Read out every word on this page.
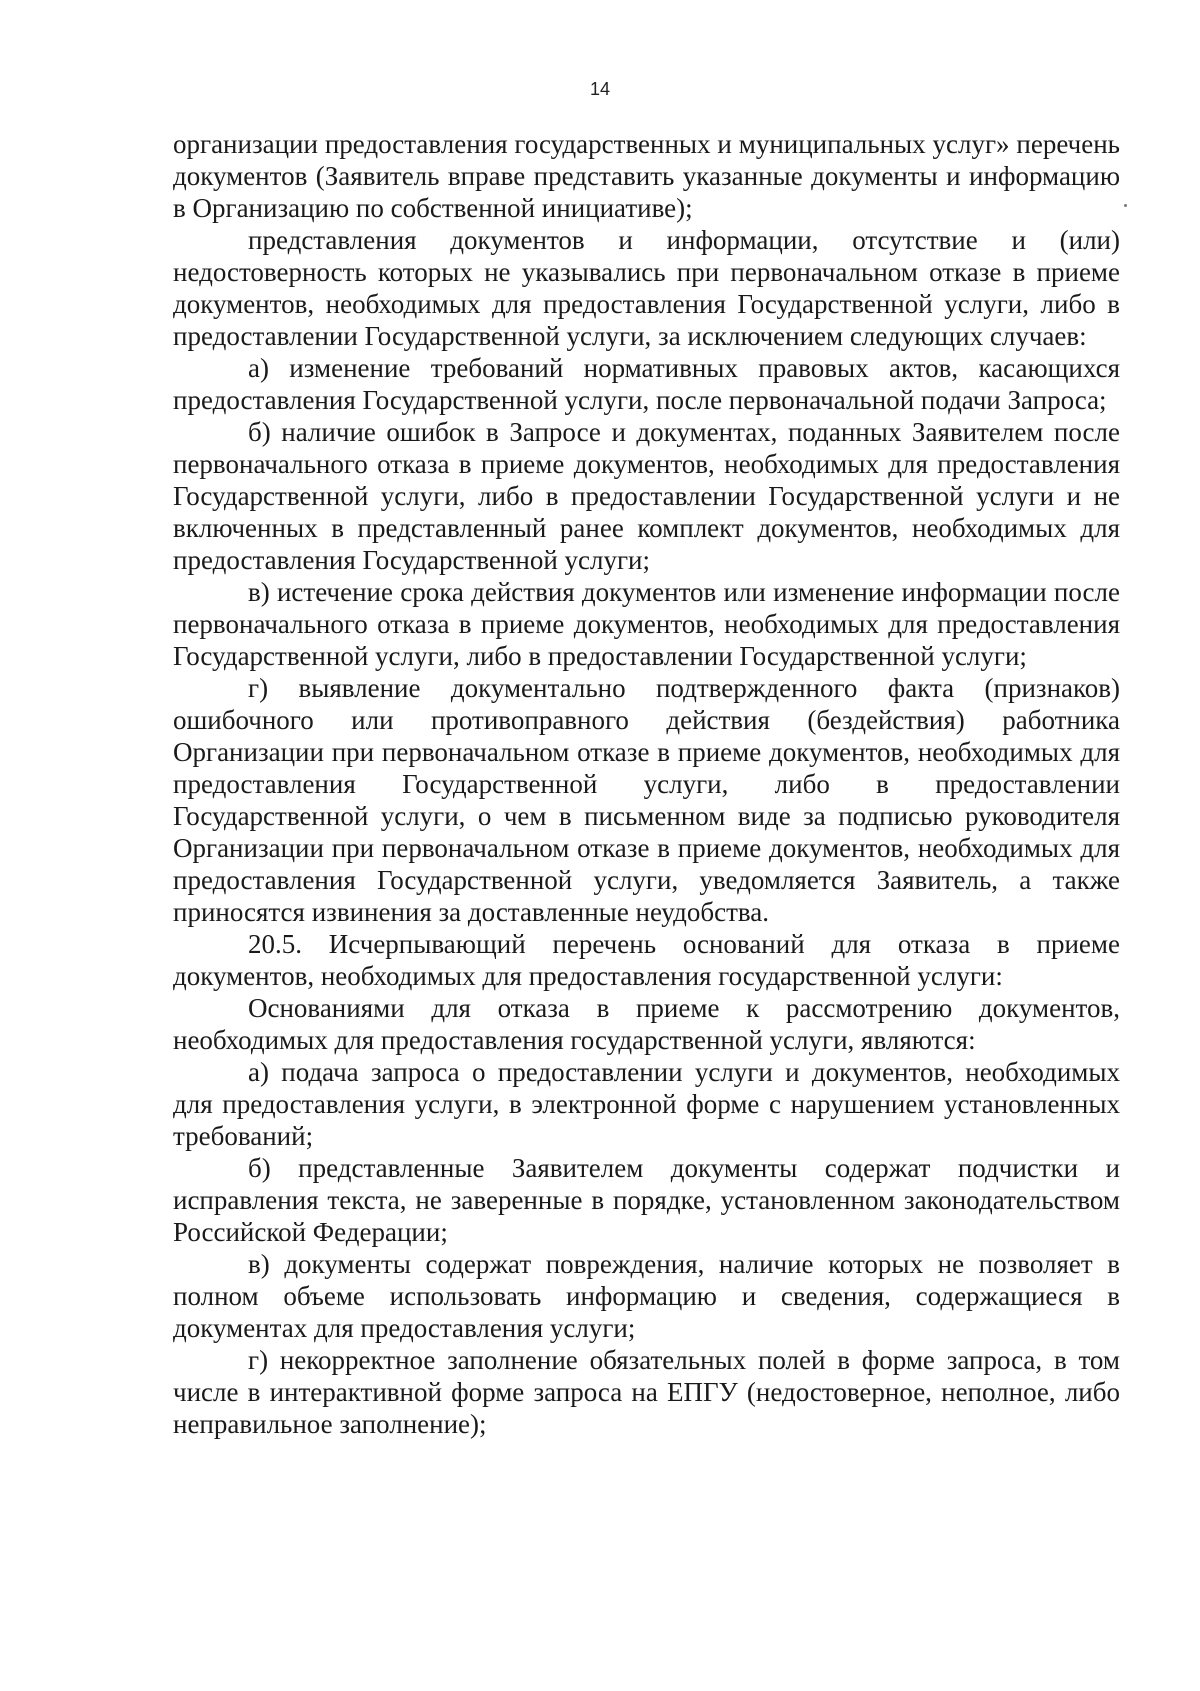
14

организации предоставления государственных и муниципальных услуг» перечень документов (Заявитель вправе представить указанные документы и информацию в Организацию по собственной инициативе);

представления документов и информации, отсутствие и (или) недостоверность которых не указывались при первоначальном отказе в приеме документов, необходимых для предоставления Государственной услуги, либо в предоставлении Государственной услуги, за исключением следующих случаев:

а) изменение требований нормативных правовых актов, касающихся предоставления Государственной услуги, после первоначальной подачи Запроса;

б) наличие ошибок в Запросе и документах, поданных Заявителем после первоначального отказа в приеме документов, необходимых для предоставления Государственной услуги, либо в предоставлении Государственной услуги и не включенных в представленный ранее комплект документов, необходимых для предоставления Государственной услуги;

в) истечение срока действия документов или изменение информации после первоначального отказа в приеме документов, необходимых для предоставления Государственной услуги, либо в предоставлении Государственной услуги;

г) выявление документально подтвержденного факта (признаков) ошибочного или противоправного действия (бездействия) работника Организации при первоначальном отказе в приеме документов, необходимых для предоставления Государственной услуги, либо в предоставлении Государственной услуги, о чем в письменном виде за подписью руководителя Организации при первоначальном отказе в приеме документов, необходимых для предоставления Государственной услуги, уведомляется Заявитель, а также приносятся извинения за доставленные неудобства.

20.5. Исчерпывающий перечень оснований для отказа в приеме документов, необходимых для предоставления государственной услуги:

Основаниями для отказа в приеме к рассмотрению документов, необходимых для предоставления государственной услуги, являются:

а) подача запроса о предоставлении услуги и документов, необходимых для предоставления услуги, в электронной форме с нарушением установленных требований;

б) представленные Заявителем документы содержат подчистки и исправления текста, не заверенные в порядке, установленном законодательством Российской Федерации;

в) документы содержат повреждения, наличие которых не позволяет в полном объеме использовать информацию и сведения, содержащиеся в документах для предоставления услуги;

г) некорректное заполнение обязательных полей в форме запроса, в том числе в интерактивной форме запроса на ЕПГУ (недостоверное, неполное, либо неправильное заполнение);
